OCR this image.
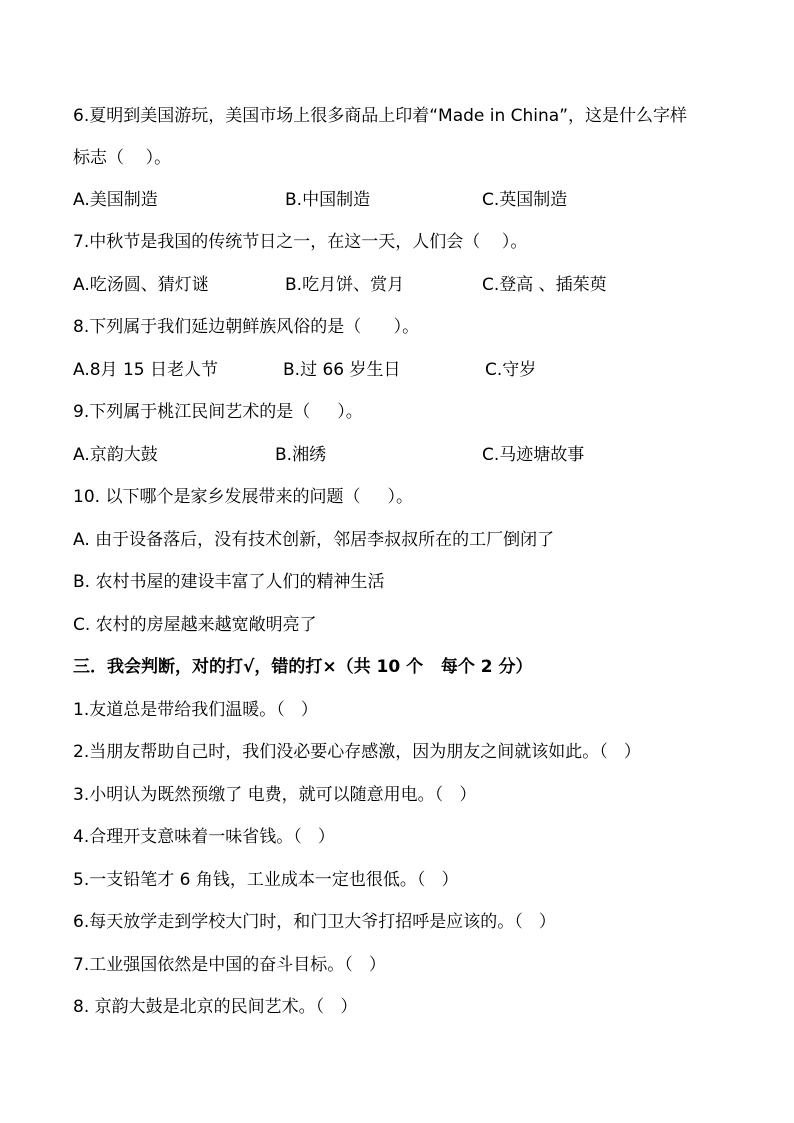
6.夏明到美国游玩，美国市场上很多商品上印着“Made in China”，这是什么字样
标志（    ）。
A.美国制造	B.中国制造	C.英国制造
7.中秋节是我国的传统节日之一，在这一天，人们会（    ）。
A.吃汤圆、猜灯谜	B.吃月饼、赏月	C.登高 、插茱萸
8.下列属于我们延边朝鲜族风俗的是（      ）。
A.8月 15 日老人节	B.过 66 岁生日	C.守岁
9.下列属于桃江民间艺术的是（     ）。
A.京韵大鼓	B.湘绣	C.马迹塘故事
10. 以下哪个是家乡发展带来的问题（     ）。
A. 由于设备落后，没有技术创新，邻居李叔叔所在的工厂倒闭了
B. 农村书屋的建设丰富了人们的精神生活
C. 农村的房屋越来越宽敞明亮了
三．我会判断，对的打√，错的打×（共 10 个   每个 2 分）
1.友道总是带给我们温暖。（   ）
2.当朋友帮助自己时，我们没必要心存感激，因为朋友之间就该如此。（   ）
3.小明认为既然预缴了 电费，就可以随意用电。（   ）
4.合理开支意味着一味省钱。（   ）
5.一支铅笔才 6 角钱，工业成本一定也很低。（   ）
6.每天放学走到学校大门时，和门卫大爷打招呼是应该的。（   ）
7.工业强国依然是中国的奋斗目标。（   ）
8. 京韵大鼓是北京的民间艺术。（   ）
